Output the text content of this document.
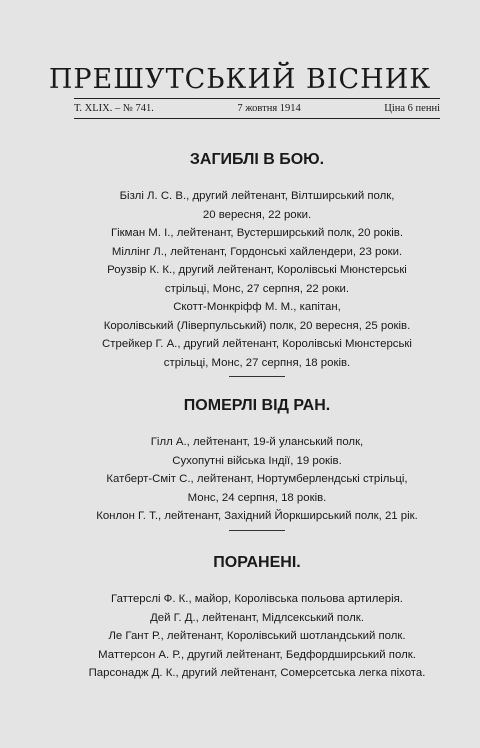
ПРЕШУТСЬКИЙ ВІСНИК
Т. XLIX. – № 741.	7 жовтня 1914	Ціна 6 пенні
ЗАГИБЛІ В БОЮ.
Бізлі Л. С. В., другий лейтенант, Вілтширський полк,
20 вересня, 22 роки.
Гікман М. І., лейтенант, Вустерширський полк, 20 років.
Міллінг Л., лейтенант, Гордонські хайлендери, 23 роки.
Роузвір К. К., другий лейтенант, Королівські Мюнстерські
стрільці, Монс, 27 серпня, 22 роки.
Скотт-Монкріфф М. М., капітан,
Королівський (Ліверпульський) полк, 20 вересня, 25 років.
Стрейкер Г. А., другий лейтенант, Королівські Мюнстерські
стрільці, Монс, 27 серпня, 18 років.
ПОМЕРЛІ ВІД РАН.
Гілл А., лейтенант, 19-й уланський полк,
Сухопутні війська Індії, 19 років.
Катберт-Сміт С., лейтенант, Нортумберлендські стрільці,
Монс, 24 серпня, 18 років.
Конлон Г. Т., лейтенант, Західний Йоркширський полк, 21 рік.
ПОРАНЕНІ.
Гаттерслі Ф. К., майор, Королівська польова артилерія.
Дей Г. Д., лейтенант, Мідлсекський полк.
Ле Гант Р., лейтенант, Королівський шотландський полк.
Маттерсон А. Р., другий лейтенант, Бедфордширський полк.
Парсонадж Д. К., другий лейтенант, Сомерсетська легка піхота.
